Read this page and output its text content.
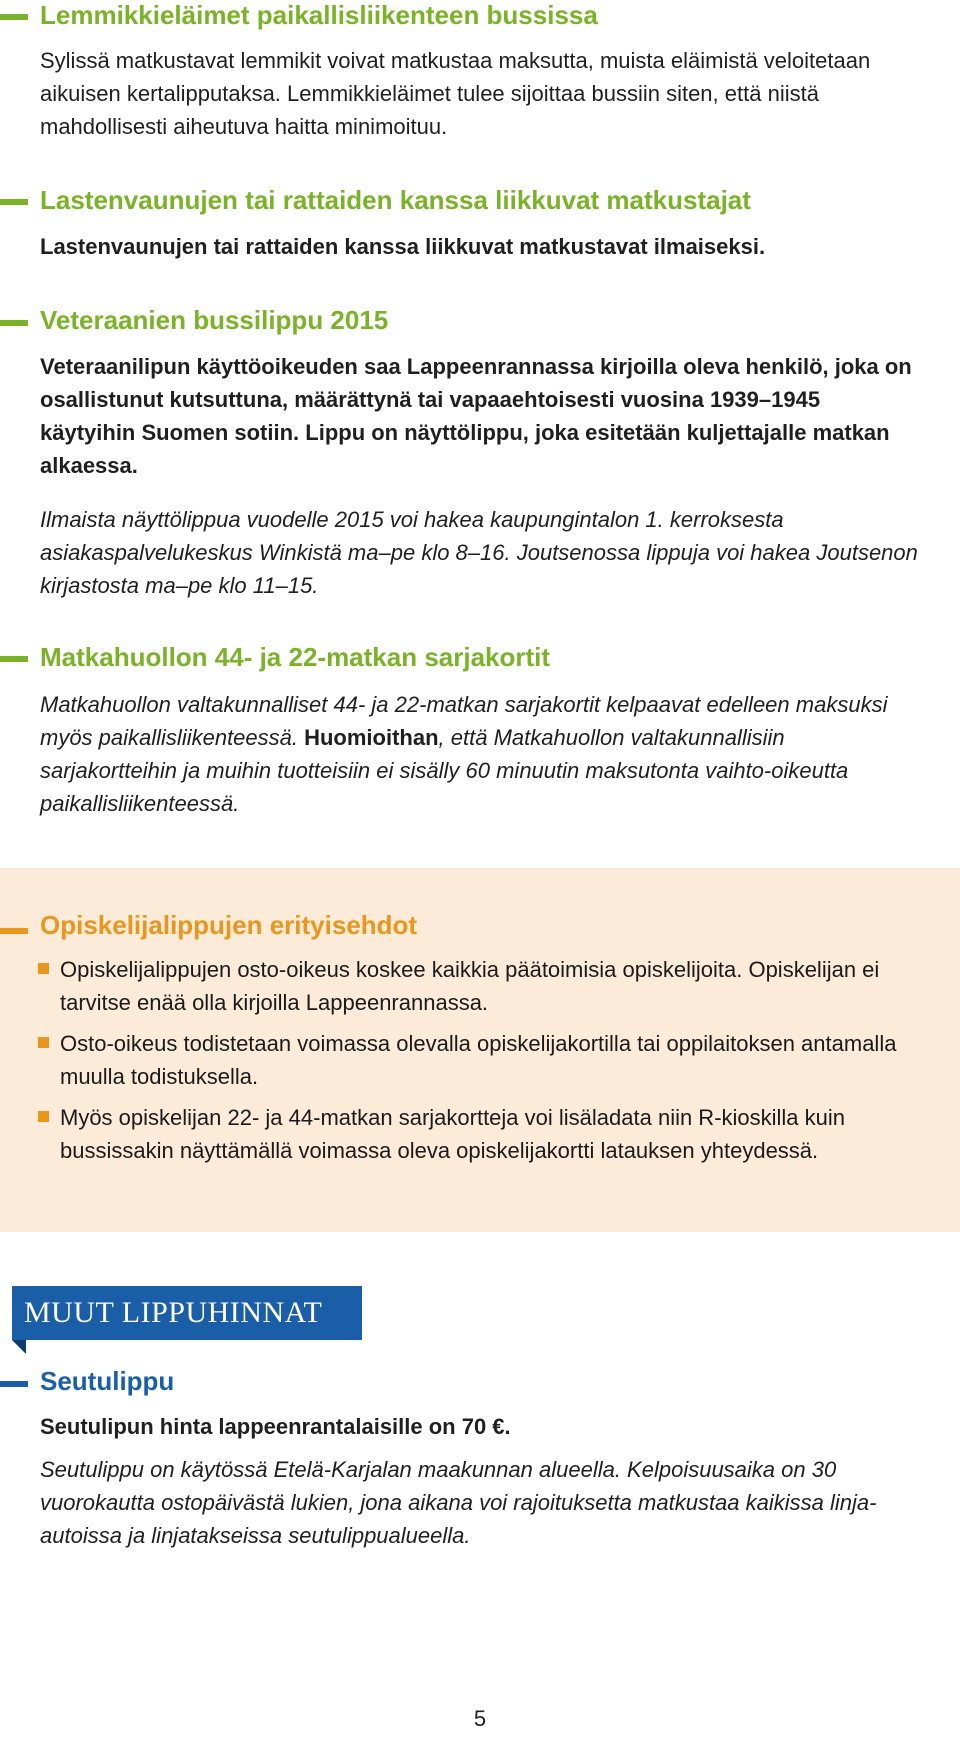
Lemmikkieläimet paikallisliikenteen bussissa
Sylissä matkustavat lemmikit voivat matkustaa maksutta, muista eläimistä veloitetaan aikuisen kertalipputaksa. Lemmikkieläimet tulee sijoittaa bussiin siten, että niistä mahdollisesti aiheutuva haitta minimoituu.
Lastenvaunujen tai rattaiden kanssa liikkuvat matkustajat
Lastenvaunujen tai rattaiden kanssa liikkuvat matkustavat ilmaiseksi.
Veteraanien bussilippu 2015
Veteraanilipun käyttöoikeuden saa Lappeenrannassa kirjoilla oleva henkilö, joka on osallistunut kutsuttuna, määrättynä tai vapaaehtoisesti vuosina 1939–1945 käytyihin Suomen sotiin. Lippu on näyttölippu, joka esitetään kuljettajalle matkan alkaessa.
Ilmaista näyttölippua vuodelle 2015 voi hakea kaupungintalon 1. kerroksesta asiakaspalvelukeskus Winkistä ma–pe klo 8–16. Joutsenossa lippuja voi hakea Joutsenon kirjastosta ma–pe klo 11–15.
Matkahuollon 44- ja 22-matkan sarjakortit
Matkahuollon valtakunnalliset 44- ja 22-matkan sarjakortit kelpaavat edelleen maksuksi myös paikallisliikenteessä. Huomioithan, että Matkahuollon valtakunnallisiin sarjakortteihin ja muihin tuotteisiin ei sisälly 60 minuutin maksutonta vaihto-oikeutta paikallisliikenteessä.
Opiskelijalippujen erityisehdot
Opiskelijalippujen osto-oikeus koskee kaikkia päätoimisia opiskelijoita. Opiskelijan ei tarvitse enää olla kirjoilla Lappeenrannassa.
Osto-oikeus todistetaan voimassa olevalla opiskelijakortilla tai oppilaitoksen antamalla muulla todistuksella.
Myös opiskelijan 22- ja 44-matkan sarjakortteja voi lisäladata niin R-kioskilla kuin bussissakin näyttämällä voimassa oleva opiskelijakortti latauksen yhteydessä.
MUUT LIPPUHINNAT
Seutulippu
Seutulipun hinta lappeenrantalaisille on 70 €.
Seutulippu on käytössä Etelä-Karjalan maakunnan alueella. Kelpoisuusaika on 30 vuorokautta ostopäivästä lukien, jona aikana voi rajoituksetta matkustaa kaikissa linja-autoissa ja linjatakseissa seutulippualueella.
5
